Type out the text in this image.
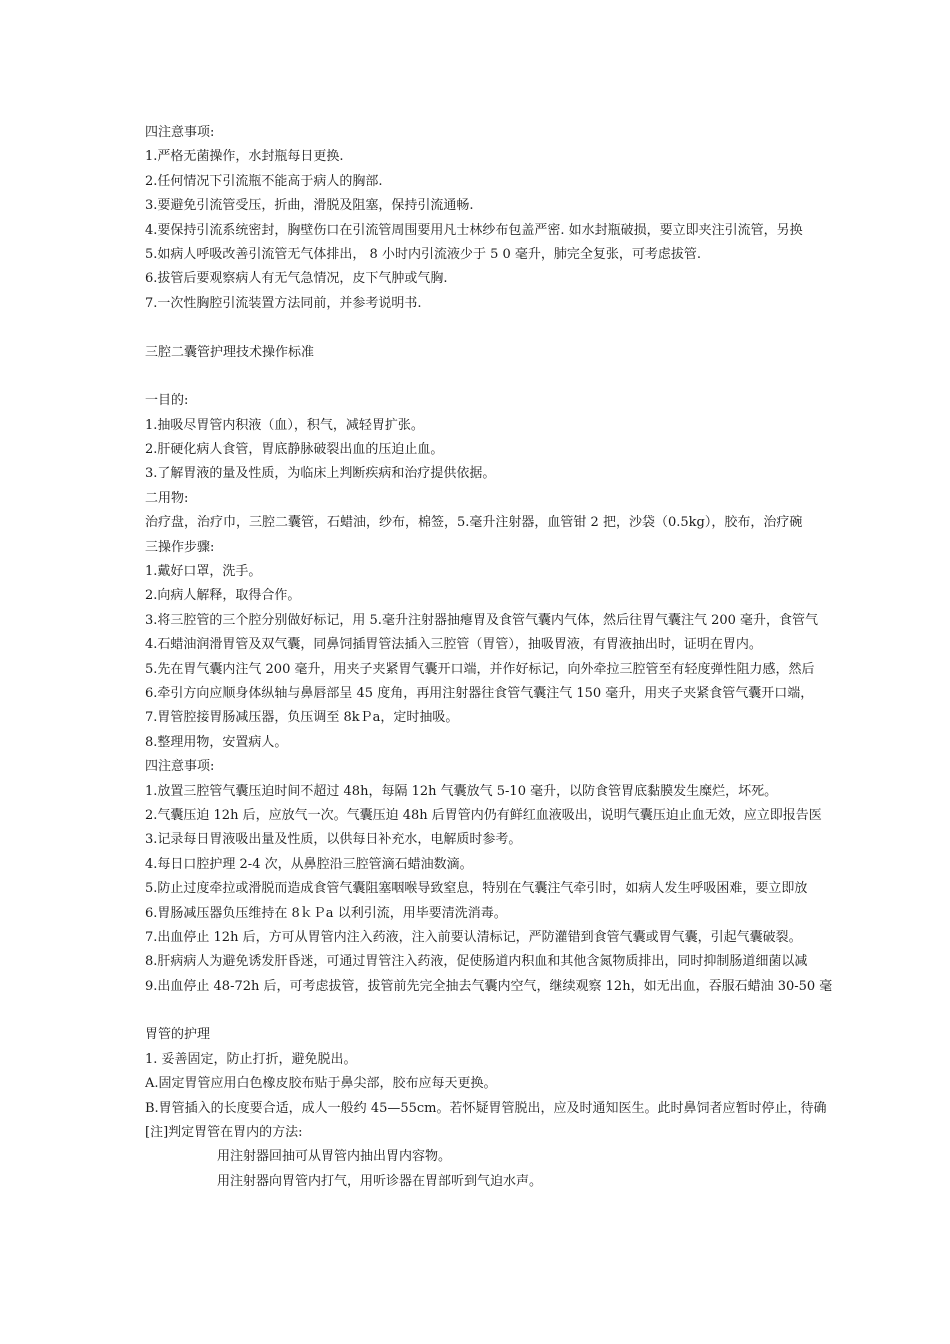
四注意事项:
1.严格无菌操作，水封瓶每日更换.
2.任何情况下引流瓶不能高于病人的胸部.
3.要避免引流管受压，折曲，滑脱及阻塞，保持引流通畅.
4.要保持引流系统密封，胸壁伤口在引流管周围要用凡士林纱布包盖严密. 如水封瓶破损，要立即夹注引流管，另换
5.如病人呼吸改善引流管无气体排出， 8 小时内引流液少于 5 0 毫升，肺完全复张，可考虑拔管.
6.拔管后要观察病人有无气急情况，皮下气肿或气胸.
7.一次性胸腔引流装置方法同前，并参考说明书.
三腔二囊管护理技术操作标准
一目的:
1.抽吸尽胃管内积液（血），积气，减轻胃扩张。
2.肝硬化病人食管，胃底静脉破裂出血的压迫止血。
3.了解胃液的量及性质，为临床上判断疾病和治疗提供依据。
二用物:
治疗盘，治疗巾，三腔二囊管，石蜡油，纱布，棉签，5.毫升注射器，血管钳 2 把，沙袋（0.5kg），胶布，治疗碗
三操作步骤:
1.戴好口罩，洗手。
2.向病人解释，取得合作。
3.将三腔管的三个腔分别做好标记，用 5.毫升注射器抽瘪胃及食管气囊内气体，然后往胃气囊注气 200 毫升，食管气
4.石蜡油润滑胃管及双气囊，同鼻饲插胃管法插入三腔管（胃管），抽吸胃液，有胃液抽出时，证明在胃内。
5.先在胃气囊内注气 200 毫升，用夹子夹紧胃气囊开口端，并作好标记，向外牵拉三腔管至有轻度弹性阻力感，然后
6.牵引方向应顺身体纵轴与鼻唇部呈 45 度角，再用注射器往食管气囊注气 150 毫升，用夹子夹紧食管气囊开口端，
7.胃管腔接胃肠减压器，负压调至 8kＰa，定时抽吸。
8.整理用物，安置病人。
四注意事项:
1.放置三腔管气囊压迫时间不超过 48h，每隔 12h 气囊放气 5-10 毫升，以防食管胃底黏膜发生糜烂，坏死。
2.气囊压迫 12h 后，应放气一次。气囊压迫 48h 后胃管内仍有鲜红血液吸出，说明气囊压迫止血无效，应立即报告医
3.记录每日胃液吸出量及性质，以供每日补充水，电解质时参考。
4.每日口腔护理 2-4 次，从鼻腔沿三腔管滴石蜡油数滴。
5.防止过度牵拉或滑脱而造成食管气囊阻塞咽喉导致窒息，特别在气囊注气牵引时，如病人发生呼吸困难，要立即放
6.胃肠减压器负压维持在 8ｋＰa 以利引流，用毕要清洗消毒。
7.出血停止 12h 后，方可从胃管内注入药液，注入前要认清标记，严防灌错到食管气囊或胃气囊，引起气囊破裂。
8.肝病病人为避免诱发肝昏迷，可通过胃管注入药液，促使肠道内积血和其他含氮物质排出，同时抑制肠道细菌以减
9.出血停止 48-72h 后，可考虑拔管，拔管前先完全抽去气囊内空气，继续观察 12h，如无出血，吞服石蜡油 30-50 毫
胃管的护理
1. 妥善固定，防止打折，避免脱出。
A.固定胃管应用白色橡皮胶布贴于鼻尖部，胶布应每天更换。
B.胃管插入的长度要合适，成人一般约 45—55cm。若怀疑胃管脱出，应及时通知医生。此时鼻饲者应暂时停止，待确
[注]判定胃管在胃内的方法:
用注射器回抽可从胃管内抽出胃内容物。
用注射器向胃管内打气，用听诊器在胃部听到气迫水声。
